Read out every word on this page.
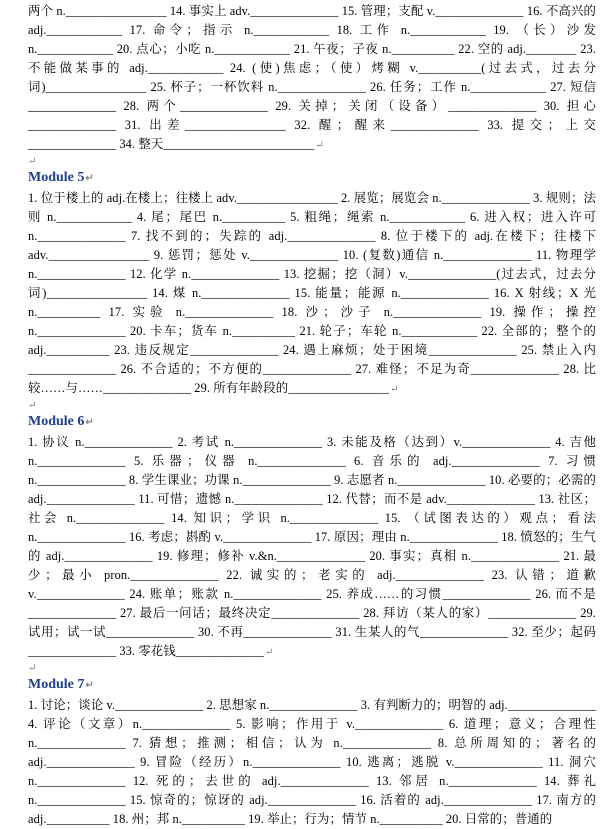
两个 n.________________ 14. 事实上 adv.______________ 15. 管理；支配 v.______________ 16. 不高兴的 adj.____________ 17. 命令；指示 n.____________ 18. 工作 n.____________ 19. （长）沙发 n.____________ 20. 点心；小吃 n.____________ 21. 午夜；子夜 n.__________ 22. 空的 adj.________ 23. 不能做某事的 adj.____________ 24. (使)焦虑；（使）烤糊 v.__________(过去式，过去分词)________________ 25. 杯子；一杯饮料 n.______________ 26. 任务；工作 n.____________ 27. 短信______________ 28. 两个______________ 29. 关掉；关闭（设备）______________ 30. 担心______________ 31. 出差________________ 32. 醒；醒来______________ 33. 提交；上交______________ 34. 整天________________________↵

↵

Module 5↵

1. 位于楼上的 adj.在楼上；往楼上 adv.________________ 2. 展览；展览会 n.______________ 3. 规则；法则 n.____________ 4. 尾；尾巴 n.__________ 5. 粗绳；绳索 n.____________ 6. 进入权；进入许可 n.______________ 7. 找不到的；失踪的 adj.______________ 8. 位于楼下的 adj.在楼下；往楼下 adv.________________ 9. 惩罚；惩处 v.______________ 10. (复数)通信 n.______________ 11. 物理学 n.______________ 12. 化学 n.______________ 13. 挖掘；挖（洞）v.______________(过去式，过去分词)________________ 14. 煤 n.______________ 15. 能量；能源 n.______________ 16. X 射线；X 光 n.__________ 17. 实验 n.______________ 18. 沙；沙子 n.______________ 19. 操作；操控 n.______________ 20. 卡车；货车 n.__________ 21. 轮子；车轮 n.____________ 22. 全部的；整个的 adj.__________ 23. 违反规定______________ 24. 遇上麻烦；处于困境______________ 25. 禁止入内______________ 26. 不合适的；不方便的______________ 27. 难怪；不足为奇______________ 28. 比较……与……______________ 29. 所有年龄段的________________↵

↵

Module 6↵

1. 协议 n.______________ 2. 考试 n.______________ 3. 未能及格（达到）v.______________ 4. 吉他 n.______________ 5. 乐器；仪器 n.______________ 6. 音乐的 adj.______________ 7. 习惯 n.______________ 8. 学生课业；功课 n.______________ 9. 志愿者 n.______________ 10. 必要的；必需的 adj.______________ 11. 可惜；遗憾 n.______________ 12. 代替；而不是 adv.______________ 13. 社区；社会 n.______________ 14. 知识；学识 n.______________ 15. （试图表达的）观点；看法 n.______________ 16. 考虑；斟酌 v.______________ 17. 原因；理由 n.______________ 18. 愤怒的；生气的 adj.______________ 19. 修理；修补 v.&n.______________ 20. 事实；真相 n.______________ 21. 最少；最小 pron.______________ 22. 诚实的；老实的 adj.______________ 23. 认错；道歉 v.______________ 24. 账单；账款 n.______________ 25. 养成……的习惯______________ 26. 而不是______________ 27. 最后一问话；最终决定______________ 28. 拜访（某人的家）______________ 29. 试用；试一试______________ 30. 不再______________ 31. 生某人的气______________ 32. 至少；起码______________ 33. 零花钱______________↵

↵

Module 7↵

1. 讨论；谈论 v.______________ 2. 思想家 n.______________ 3. 有判断力的；明智的 adj.______________ 4. 评论（文章）n.______________ 5. 影响；作用于 v.______________ 6. 道理；意义；合理性 n.______________ 7. 猜想；推测；相信；认为 n.______________ 8. 总所周知的；著名的 adj.______________ 9. 冒险（经历）n.______________ 10. 逃离；逃脱 v.______________ 11. 洞穴 n.______________ 12. 死的；去世的 adj.______________ 13. 邻居 n.______________ 14. 葬礼 n.______________ 15. 惊奇的；惊讶的 adj.______________ 16. 活着的 adj.______________ 17. 南方的 adj.__________ 18. 州；邦 n.__________ 19. 举止；行为；情节 n.__________ 20. 日常的；普通的
